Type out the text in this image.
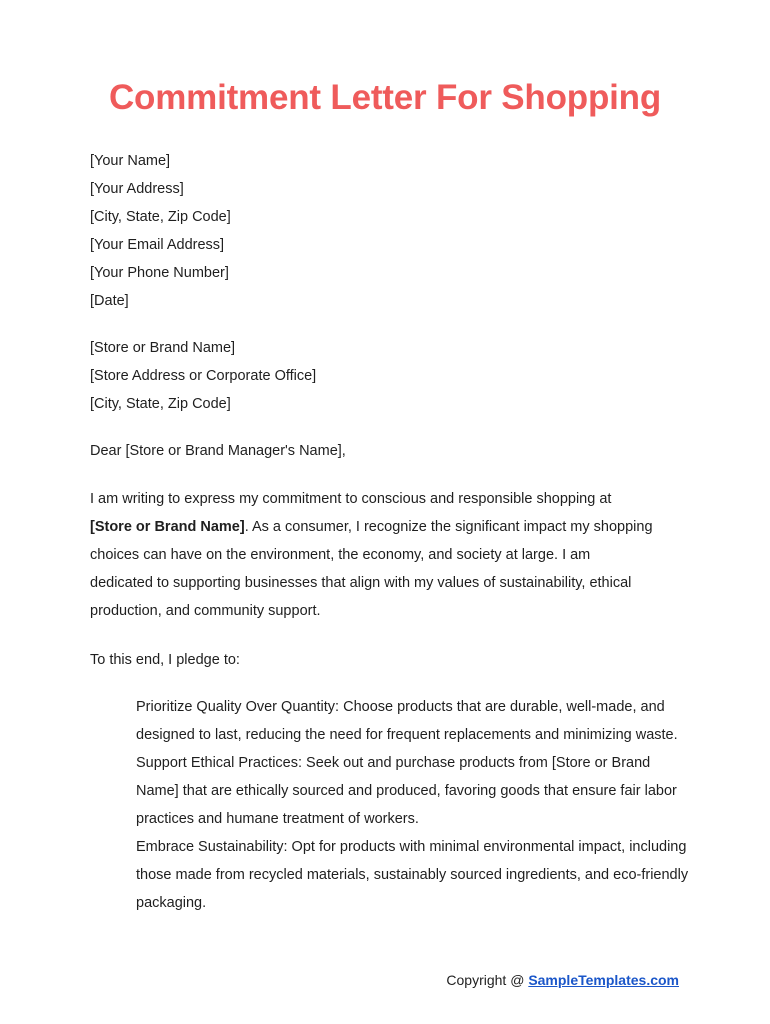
Commitment Letter For Shopping
[Your Name]
[Your Address]
[City, State, Zip Code]
[Your Email Address]
[Your Phone Number]
[Date]
[Store or Brand Name]
[Store Address or Corporate Office]
[City, State, Zip Code]
Dear [Store or Brand Manager's Name],
I am writing to express my commitment to conscious and responsible shopping at
[Store or Brand Name]. As a consumer, I recognize the significant impact my shopping
choices can have on the environment, the economy, and society at large. I am
dedicated to supporting businesses that align with my values of sustainability, ethical
production, and community support.
To this end, I pledge to:
Prioritize Quality Over Quantity: Choose products that are durable, well-made, and designed to last, reducing the need for frequent replacements and minimizing waste.
Support Ethical Practices: Seek out and purchase products from [Store or Brand Name] that are ethically sourced and produced, favoring goods that ensure fair labor practices and humane treatment of workers.
Embrace Sustainability: Opt for products with minimal environmental impact, including those made from recycled materials, sustainably sourced ingredients, and eco-friendly packaging.
Copyright @ SampleTemplates.com
